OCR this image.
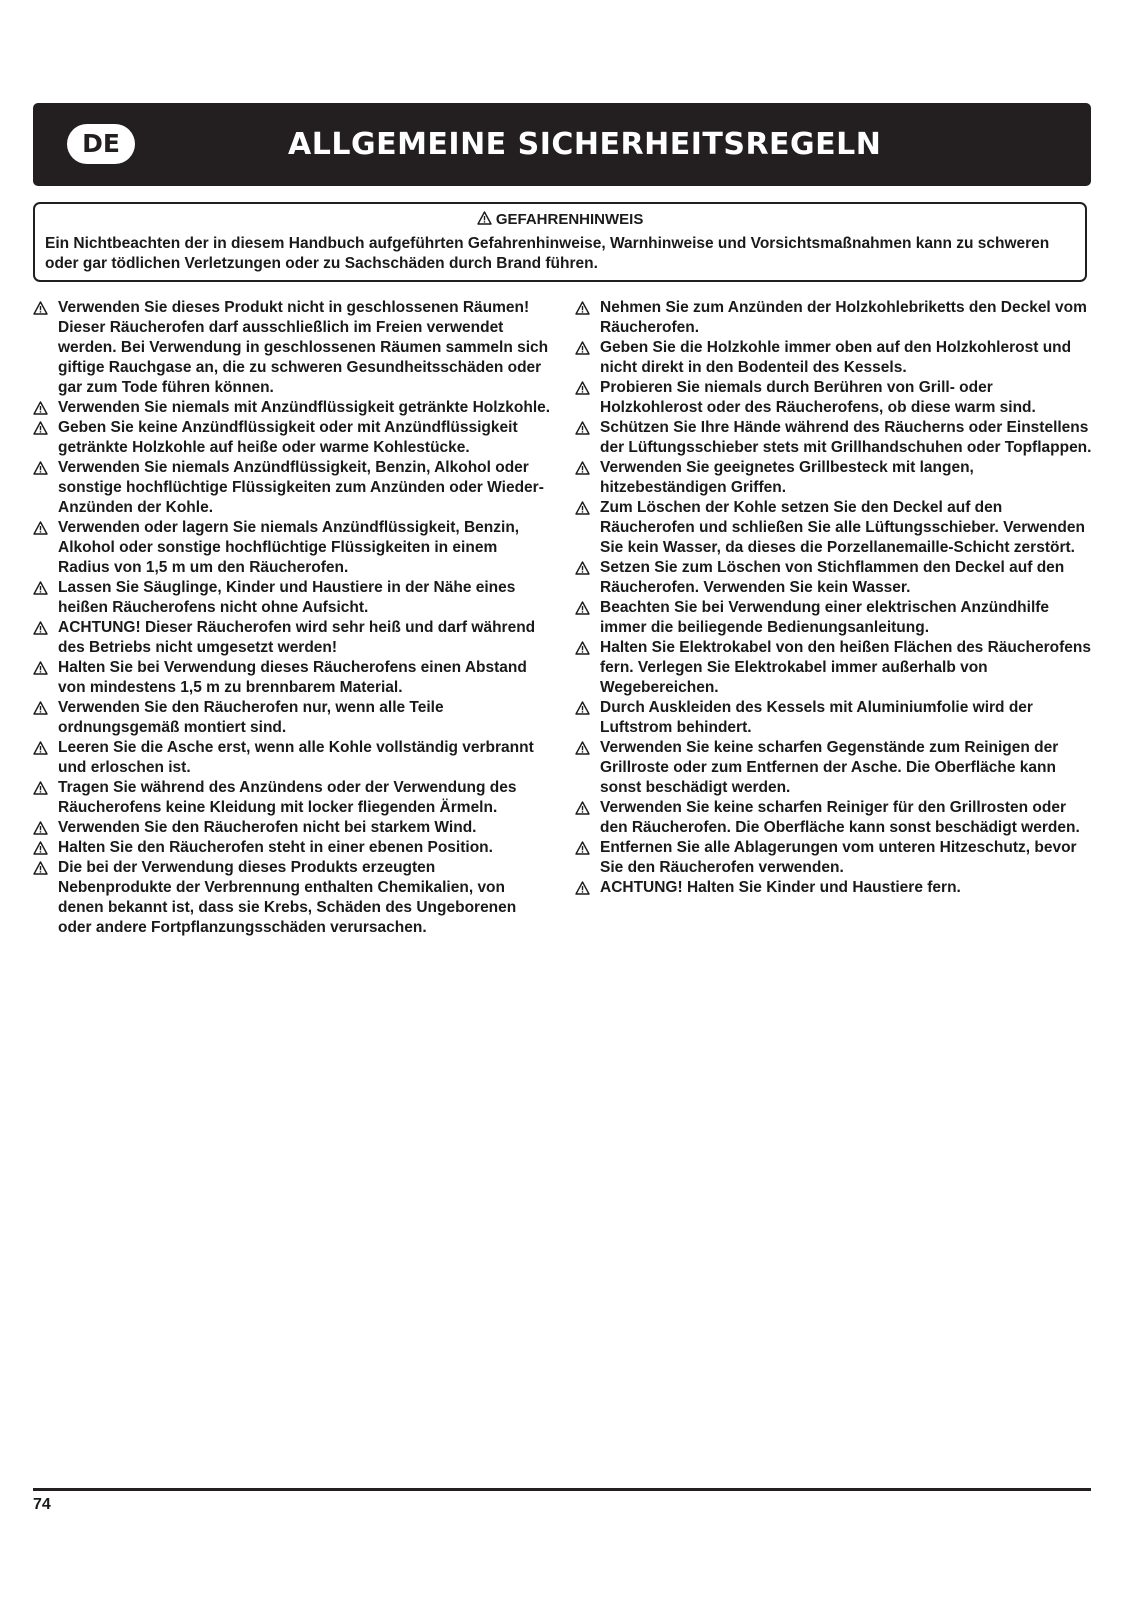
DE	ALLGEMEINE SICHERHEITSREGELN
GEFAHRENHINWEIS
Ein Nichtbeachten der in diesem Handbuch aufgeführten Gefahrenhinweise, Warnhinweise und Vorsichtsmaßnahmen kann zu schweren oder gar tödlichen Verletzungen oder zu Sachschäden durch Brand führen.
Verwenden Sie dieses Produkt nicht in geschlossenen Räumen! Dieser Räucherofen darf ausschließlich im Freien verwendet werden. Bei Verwendung in geschlossenen Räumen sammeln sich giftige Rauchgase an, die zu schweren Gesundheitsschäden oder gar zum Tode führen können.
Verwenden Sie niemals mit Anzündflüssigkeit getränkte Holzkohle.
Geben Sie keine Anzündflüssigkeit oder mit Anzündflüssigkeit getränkte Holzkohle auf heiße oder warme Kohlestücke.
Verwenden Sie niemals Anzündflüssigkeit, Benzin, Alkohol oder sonstige hochflüchtige Flüssigkeiten zum Anzünden oder Wieder-Anzünden der Kohle.
Verwenden oder lagern Sie niemals Anzündflüssigkeit, Benzin, Alkohol oder sonstige hochflüchtige Flüssigkeiten in einem Radius von 1,5 m um den Räucherofen.
Lassen Sie Säuglinge, Kinder und Haustiere in der Nähe eines heißen Räucherofens nicht ohne Aufsicht.
ACHTUNG! Dieser Räucherofen wird sehr heiß und darf während des Betriebs nicht umgesetzt werden!
Halten Sie bei Verwendung dieses Räucherofens einen Abstand von mindestens 1,5 m zu brennbarem Material.
Verwenden Sie den Räucherofen nur, wenn alle Teile ordnungsgemäß montiert sind.
Leeren Sie die Asche erst, wenn alle Kohle vollständig verbrannt und erloschen ist.
Tragen Sie während des Anzündens oder der Verwendung des Räucherofens keine Kleidung mit locker fliegenden Ärmeln.
Verwenden Sie den Räucherofen nicht bei starkem Wind.
Halten Sie den Räucherofen steht in einer ebenen Position.
Die bei der Verwendung dieses Produkts erzeugten Nebenprodukte der Verbrennung enthalten Chemikalien, von denen bekannt ist, dass sie Krebs, Schäden des Ungeborenen oder andere Fortpflanzungsschäden verursachen.
Nehmen Sie zum Anzünden der Holzkohlebriketts den Deckel vom Räucherofen.
Geben Sie die Holzkohle immer oben auf den Holzkohlerost und nicht direkt in den Bodenteil des Kessels.
Probieren Sie niemals durch Berühren von Grill- oder Holzkohlerost oder des Räucherofens, ob diese warm sind.
Schützen Sie Ihre Hände während des Räucherns oder Einstellens der Lüftungsschieber stets mit Grillhandschuhen oder Topflappen.
Verwenden Sie geeignetes Grillbesteck mit langen, hitzebeständigen Griffen.
Zum Löschen der Kohle setzen Sie den Deckel auf den Räucherofen und schließen Sie alle Lüftungsschieber. Verwenden Sie kein Wasser, da dieses die Porzellanemaille-Schicht zerstört.
Setzen Sie zum Löschen von Stichflammen den Deckel auf den Räucherofen. Verwenden Sie kein Wasser.
Beachten Sie bei Verwendung einer elektrischen Anzündhilfe immer die beiliegende Bedienungsanleitung.
Halten Sie Elektrokabel von den heißen Flächen des Räucherofens fern. Verlegen Sie Elektrokabel immer außerhalb von Wegebereichen.
Durch Auskleiden des Kessels mit Aluminiumfolie wird der Luftstrom behindert.
Verwenden Sie keine scharfen Gegenstände zum Reinigen der Grillroste oder zum Entfernen der Asche. Die Oberfläche kann sonst beschädigt werden.
Verwenden Sie keine scharfen Reiniger für den Grillrosten oder den Räucherofen. Die Oberfläche kann sonst beschädigt werden.
Entfernen Sie alle Ablagerungen vom unteren Hitzeschutz, bevor Sie den Räucherofen verwenden.
ACHTUNG! Halten Sie Kinder und Haustiere fern.
74
